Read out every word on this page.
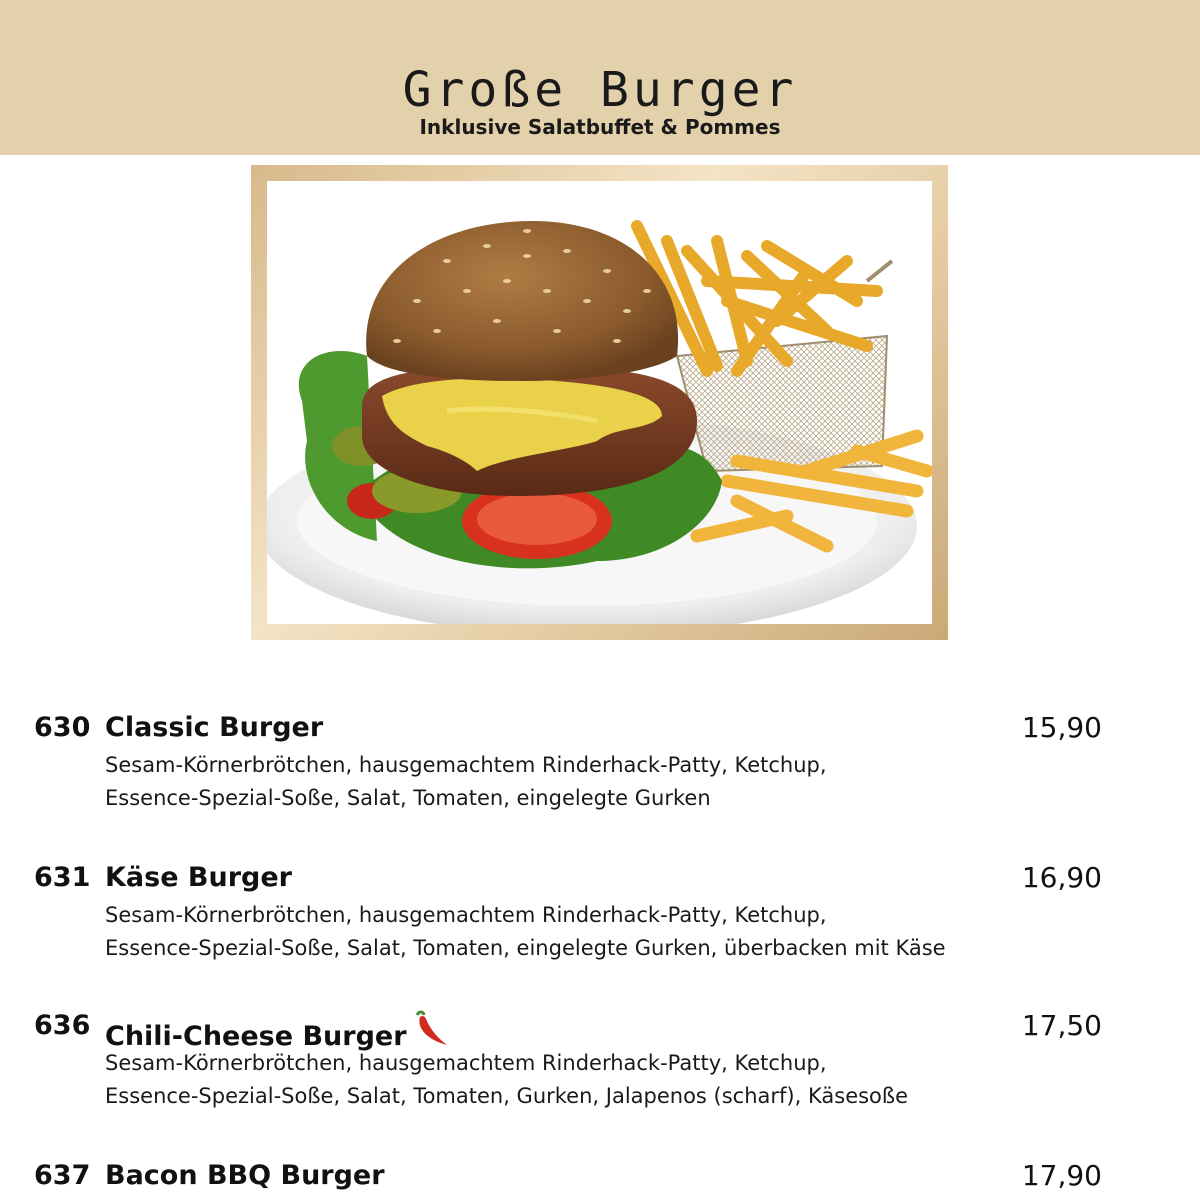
Große Burger
Inklusive Salatbuffet & Pommes
630 Classic Burger	15,90
Sesam-Körnerbrötchen, hausgemachtem Rinderhack-Patty, Ketchup,
Essence-Spezial-Soße, Salat, Tomaten, eingelegte Gurken
631 Käse Burger	16,90
Sesam-Körnerbrötchen, hausgemachtem Rinderhack-Patty, Ketchup,
Essence-Spezial-Soße, Salat, Tomaten, eingelegte Gurken, überbacken mit Käse
636 Chili-Cheese Burger	17,50
Sesam-Körnerbrötchen, hausgemachtem Rinderhack-Patty, Ketchup,
Essence-Spezial-Soße, Salat, Tomaten, Gurken, Jalapenos (scharf), Käsesoße
637 Bacon BBQ Burger	17,90
